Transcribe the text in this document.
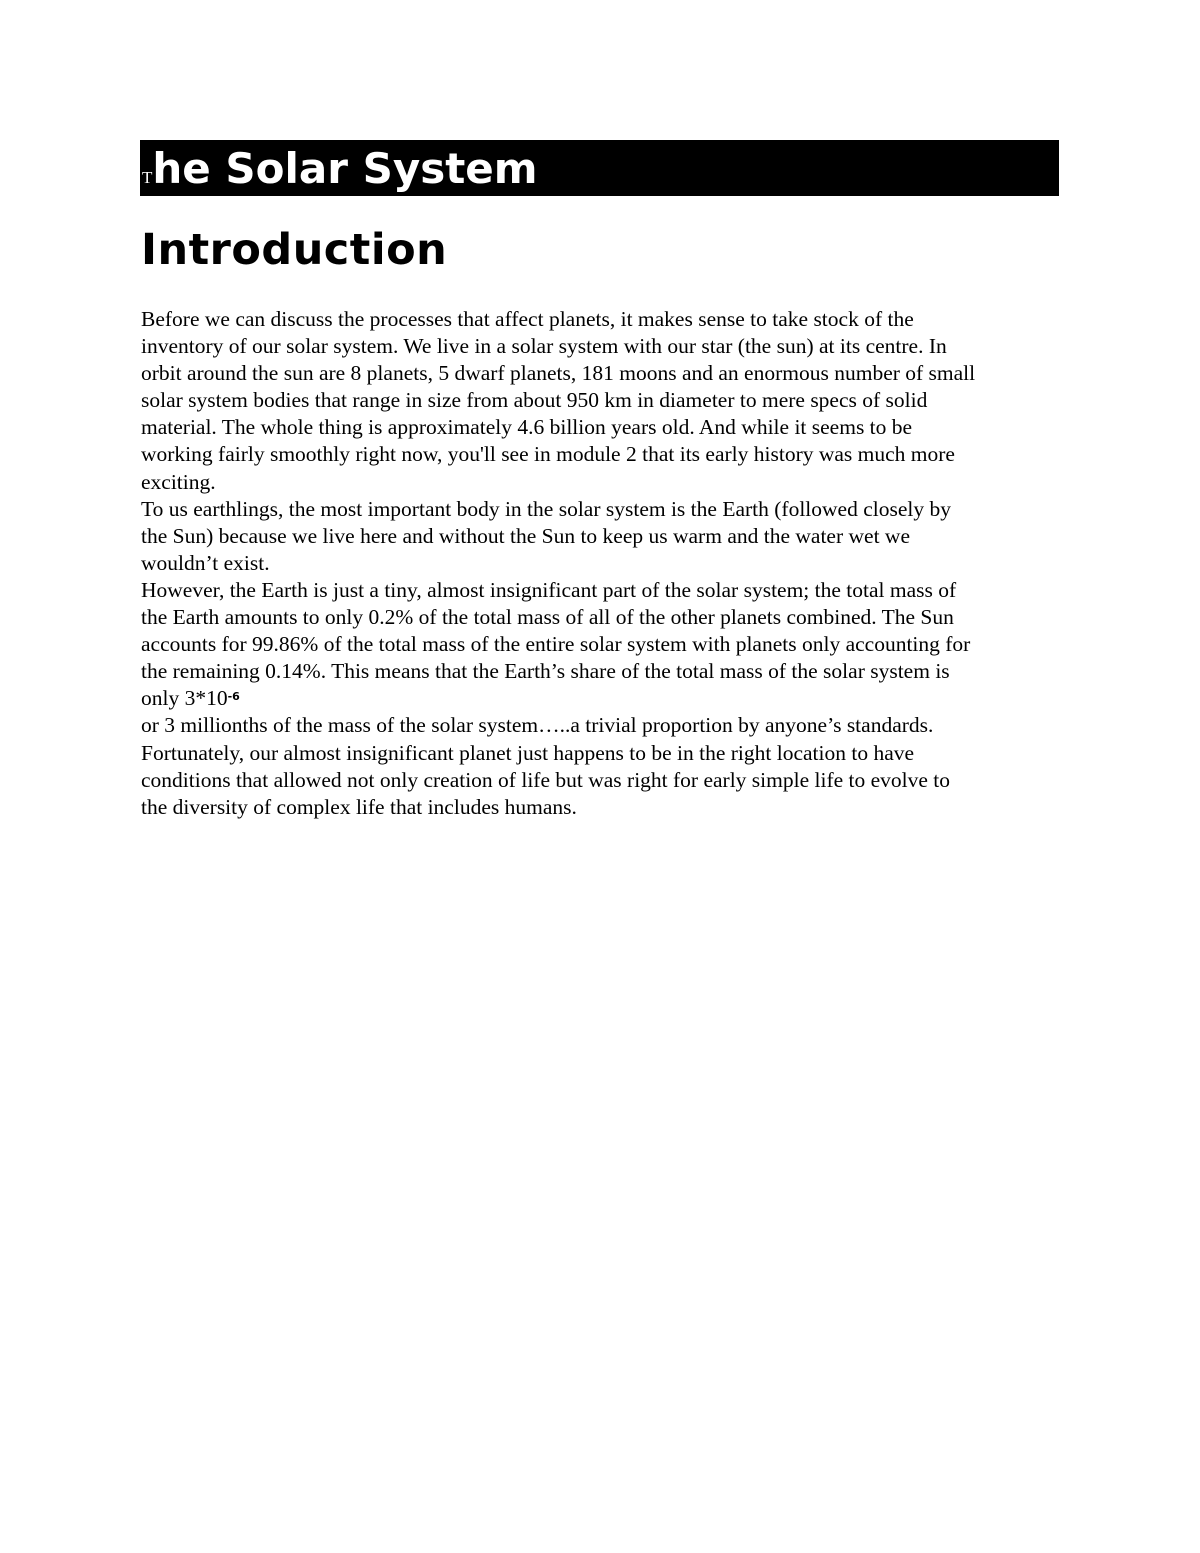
The Solar System
Introduction

Before we can discuss the processes that affect planets, it makes sense to take stock of the
inventory of our solar system. We live in a solar system with our star (the sun) at its centre. In
orbit around the sun are 8 planets, 5 dwarf planets, 181 moons and an enormous number of small
solar system bodies that range in size from about 950 km in diameter to mere specs of solid
material. The whole thing is approximately 4.6 billion years old. And while it seems to be
working fairly smoothly right now, you'll see in module 2 that its early history was much more
exciting.

To us earthlings, the most important body in the solar system is the Earth (followed closely by
the Sun) because we live here and without the Sun to keep us warm and the water wet we
wouldn’t exist.

However, the Earth is just a tiny, almost insignificant part of the solar system; the total mass of
the Earth amounts to only 0.2% of the total mass of all of the other planets combined. The Sun
accounts for 99.86% of the total mass of the entire solar system with planets only accounting for
the remaining 0.14%. This means that the Earth’s share of the total mass of the solar system is
only $3*10^{-6}$

or 3 millionths of the mass of the solar system…..a trivial proportion by anyone’s standards.

Fortunately, our almost insignificant planet just happens to be in the right location to have
conditions that allowed not only creation of life but was right for early simple life to evolve to
the diversity of complex life that includes humans.
